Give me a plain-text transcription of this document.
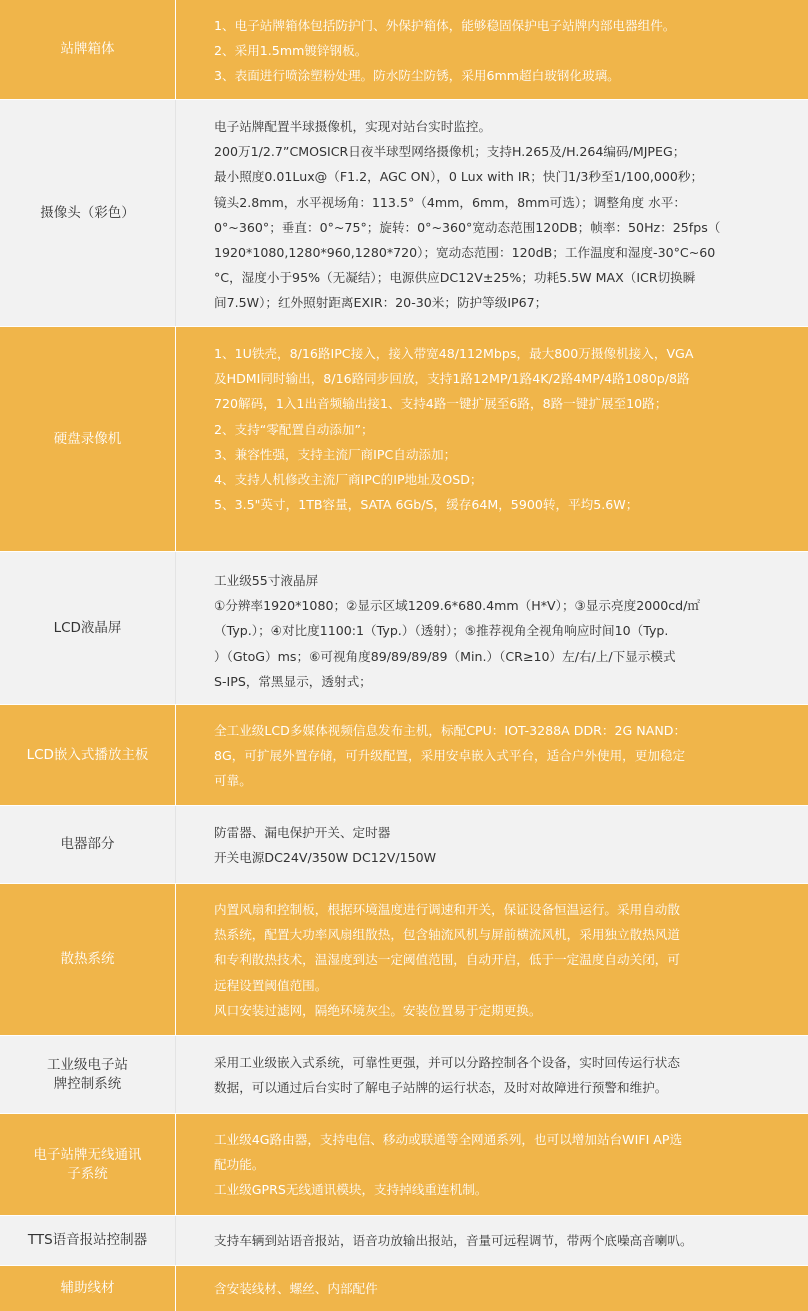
站牌箱体
1、电子站牌箱体包括防护门、外保护箱体，能够稳固保护电子站牌内部电器组件。
2、采用1.5mm镀锌钢板。
3、表面进行喷涂塑粉处理。防水防尘防锈，采用6mm超白玻钢化玻璃。
摄像头（彩色）
电子站牌配置半球摄像机，实现对站台实时监控。
200万1/2.7”CMOSICR日夜半球型网络摄像机；支持H.265及/H.264编码/MJPEG；
最小照度0.01Lux@（F1.2，AGC ON），0 Lux with IR；快门1/3秒至1/100,000秒；
镜头2.8mm，水平视场角：113.5°（4mm，6mm，8mm可选）；调整角度 水平：
0°~360°；垂直：0°~75°；旋转：0°~360°宽动态范围120DB；帧率：50Hz：25fps（
1920*1080,1280*960,1280*720）；宽动态范围：120dB；工作温度和湿度-30°C~60
°C，湿度小于95%（无凝结）；电源供应DC12V±25%；功耗5.5W MAX（ICR切换瞬
间7.5W）；红外照射距离EXIR：20-30米；防护等级IP67；
硬盘录像机
1、1U铁壳，8/16路IPC接入，接入带宽48/112Mbps，最大800万摄像机接入，VGA
及HDMI同时输出，8/16路同步回放，支持1路12MP/1路4K/2路4MP/4路1080p/8路
720解码，1入1出音频输出接1、支持4路一键扩展至6路，8路一键扩展至10路；
2、支持“零配置自动添加”；
3、兼容性强，支持主流厂商IPC自动添加；
4、支持人机修改主流厂商IPC的IP地址及OSD；
5、3.5"英寸，1TB容量，SATA 6Gb/S，缓存64M，5900转，平均5.6W；
LCD液晶屏
工业级55寸液晶屏
①分辨率1920*1080；②显示区域1209.6*680.4mm（H*V）；③显示亮度2000cd/㎡
（Typ.）；④对比度1100:1（Typ.）（透射）；⑤推荐视角全视角响应时间10（Typ.
）（GtoG）ms；⑥可视角度89/89/89/89（Min.）（CR≥10）左/右/上/下显示模式
S-IPS，常黑显示，透射式；
LCD嵌入式播放主板
全工业级LCD多媒体视频信息发布主机，标配CPU：IOT-3288A DDR：2G NAND：
8G，可扩展外置存储，可升级配置，采用安卓嵌入式平台，适合户外使用，更加稳定
可靠。
电器部分
防雷器、漏电保护开关、定时器
开关电源DC24V/350W DC12V/150W
散热系统
内置风扇和控制板，根据环境温度进行调速和开关，保证设备恒温运行。采用自动散
热系统，配置大功率风扇组散热，包含轴流风机与屏前横流风机，采用独立散热风道
和专利散热技术，温湿度到达一定阈值范围，自动开启，低于一定温度自动关闭，可
远程设置阈值范围。
风口安装过滤网，隔绝环境灰尘。安装位置易于定期更换。
工业级电子站
牌控制系统
采用工业级嵌入式系统，可靠性更强，并可以分路控制各个设备，实时回传运行状态
数据，可以通过后台实时了解电子站牌的运行状态，及时对故障进行预警和维护。
电子站牌无线通讯
子系统
工业级4G路由器，支持电信、移动或联通等全网通系列，也可以增加站台WIFI AP选
配功能。
工业级GPRS无线通讯模块，支持掉线重连机制。
TTS语音报站控制器	支持车辆到站语音报站，语音功放输出报站，音量可远程调节，带两个底噪高音喇叭。
辅助线材	含安装线材、螺丝、内部配件
